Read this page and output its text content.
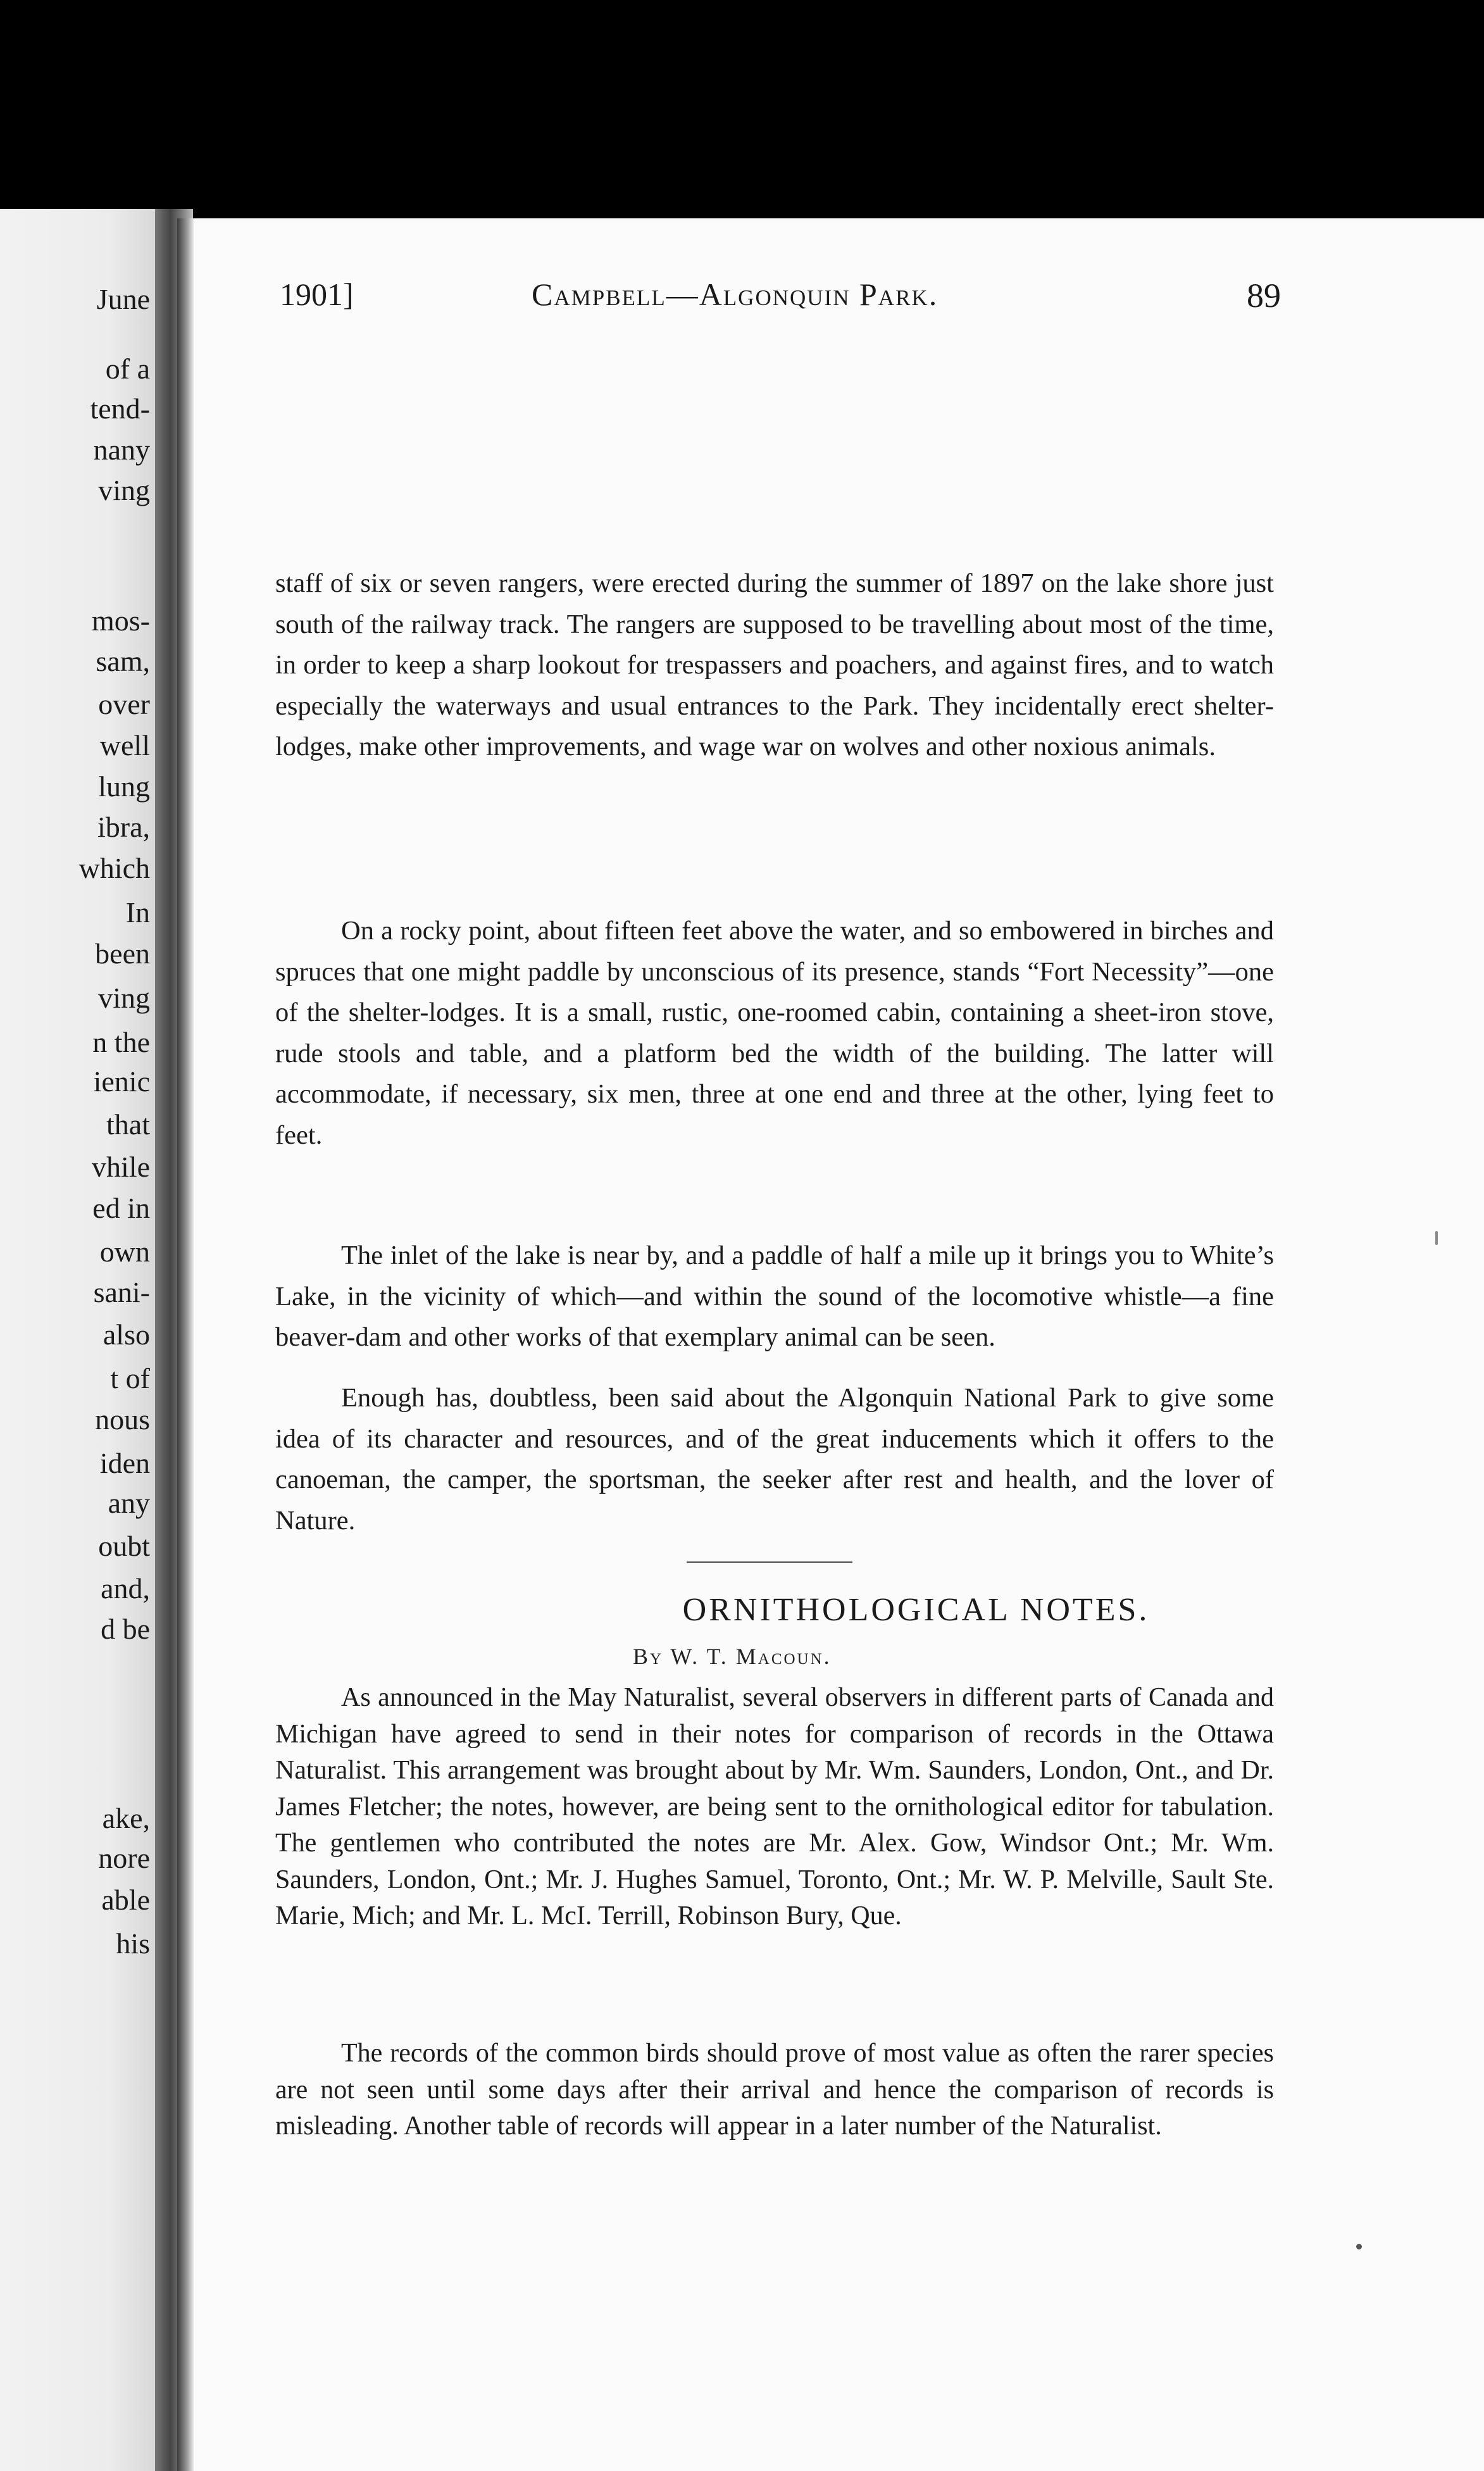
June
of a
tend-
nany
ving
mos-
sam,
over
well
lung
ibra,
which
In
been
ving
n the
ienic
that
vhile
ed in
own
sani-
also
t of
nous
iden
any
oubt
and,
d be
ake,
nore
able
his
1901]	Campbell—Algonquin Park.	89

staff of six or seven rangers, were erected during the summer of 1897 on the lake shore just south of the railway track. The rangers are supposed to be travelling about most of the time, in order to keep a sharp lookout for trespassers and poachers, and against fires, and to watch especially the waterways and usual entrances to the Park. They incidentally erect shelter-lodges, make other improvements, and wage war on wolves and other noxious animals.

On a rocky point, about fifteen feet above the water, and so embowered in birches and spruces that one might paddle by unconscious of its presence, stands “Fort Necessity”—one of the shelter-lodges. It is a small, rustic, one-roomed cabin, containing a sheet-iron stove, rude stools and table, and a platform bed the width of the building. The latter will accommodate, if necessary, six men, three at one end and three at the other, lying feet to feet.

The inlet of the lake is near by, and a paddle of half a mile up it brings you to White’s Lake, in the vicinity of which—and within the sound of the locomotive whistle—a fine beaver-dam and other works of that exemplary animal can be seen.

Enough has, doubtless, been said about the Algonquin National Park to give some idea of its character and resources, and of the great inducements which it offers to the canoeman, the camper, the sportsman, the seeker after rest and health, and the lover of Nature.

ORNITHOLOGICAL NOTES.
By W. T. Macoun.

As announced in the May Naturalist, several observers in different parts of Canada and Michigan have agreed to send in their notes for comparison of records in the Ottawa Naturalist. This arrangement was brought about by Mr. Wm. Saunders, London, Ont., and Dr. James Fletcher; the notes, however, are being sent to the ornithological editor for tabulation. The gentlemen who contributed the notes are Mr. Alex. Gow, Windsor Ont.; Mr. Wm. Saunders, London, Ont.; Mr. J. Hughes Samuel, Toronto, Ont.; Mr. W. P. Melville, Sault Ste. Marie, Mich; and Mr. L. McI. Terrill, Robinson Bury, Que.

The records of the common birds should prove of most value as often the rarer species are not seen until some days after their arrival and hence the comparison of records is misleading. Another table of records will appear in a later number of the Naturalist.
